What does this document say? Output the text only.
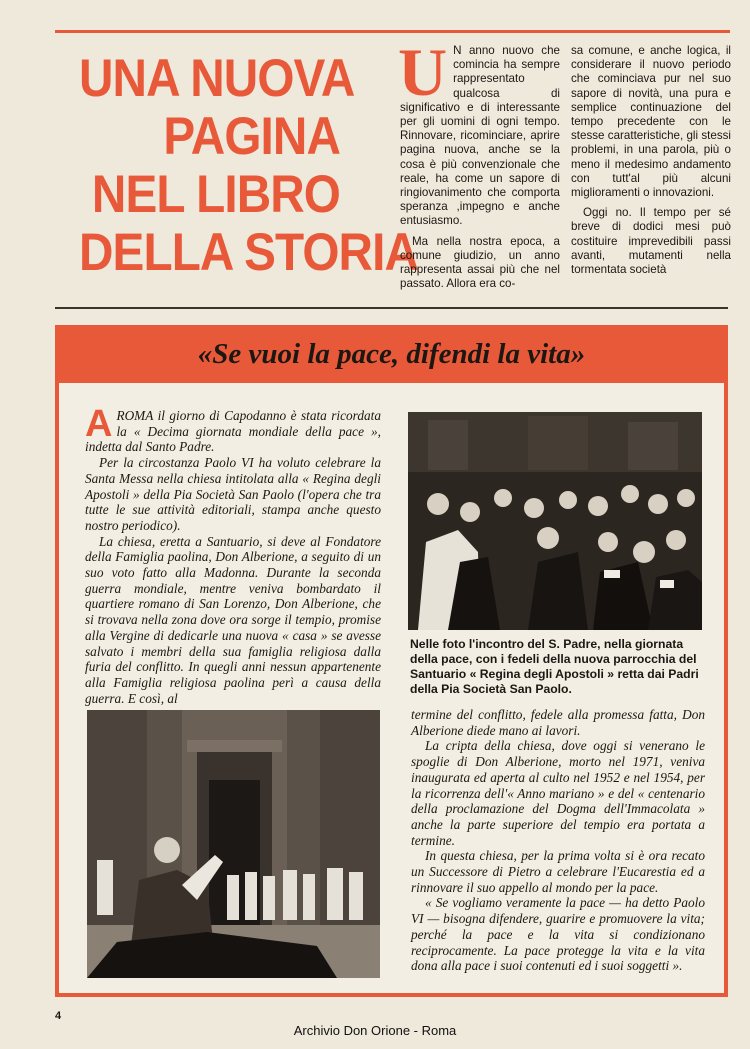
UNA NUOVA
PAGINA
NEL LIBRO
DELLA STORIA

U N anno nuovo che comincia ha sempre rappresentato qualcosa di significativo e di interessante per gli uomini di ogni tempo. Rinnovare, ricominciare, aprire pagina nuova, anche se la cosa è più convenzionale che reale, ha come un sapore di ringiovanimento che comporta speranza ,impegno e anche entusiasmo.

Ma nella nostra epoca, a comune giudizio, un anno rappresenta assai più che nel passato. Allora era co-

sa comune, e anche logica, il considerare il nuovo periodo che cominciava pur nel suo sapore di novità, una pura e semplice continuazione del tempo precedente con le stesse caratteristiche, gli stessi problemi, in una parola, più o meno il medesimo andamento con tutt'al più alcuni miglioramenti o innovazioni.

Oggi no. Il tempo per sé breve di dodici mesi può costituire imprevedibili passi avanti, mutamenti nella tormentata società

«Se vuoi la pace, difendi la vita»

AROMA il giorno di Capodanno è stata ricordata la « Decima giornata mondiale della pace », indetta dal Santo Padre.

Per la circostanza Paolo VI ha voluto celebrare la Santa Messa nella chiesa intitolata alla « Regina degli Apostoli » della Pia Società San Paolo (l'opera che tra tutte le sue attività editoriali, stampa anche questo nostro periodico).

La chiesa, eretta a Santuario, si deve al Fondatore della Famiglia paolina, Don Alberione, a seguito di un suo voto fatto alla Madonna. Durante la seconda guerra mondiale, mentre veniva bombardato il quartiere romano di San Lorenzo, Don Alberione, che si trovava nella zona dove ora sorge il tempio, promise alla Vergine di dedicarle una nuova « casa » se avesse salvato i membri della sua famiglia religiosa dalla furia del conflitto. In quegli anni nessun appartenente alla Famiglia religiosa paolina perì a causa della guerra. E così, al

Nelle foto l'incontro del S. Padre, nella giornata della pace, con i fedeli della nuova parrocchia del Santuario « Regina degli Apostoli » retta dai Padri della Pia Società San Paolo.

termine del conflitto, fedele alla promessa fatta, Don Alberione diede mano ai lavori.

La cripta della chiesa, dove oggi si venerano le spoglie di Don Alberione, morto nel 1971, veniva inaugurata ed aperta al culto nel 1952 e nel 1954, per la ricorrenza dell'« Anno mariano » e del « centenario della proclamazione del Dogma dell'Immacolata » anche la parte superiore del tempio era portata a termine.

In questa chiesa, per la prima volta si è ora recato un Successore di Pietro a celebrare l'Eucarestia ed a rinnovare il suo appello al mondo per la pace.

« Se vogliamo veramente la pace — ha detto Paolo VI — bisogna difendere, guarire e promuovere la vita; perché la pace e la vita si condizionano reciprocamente. La pace protegge la vita e la vita dona alla pace i suoi contenuti ed i suoi soggetti ».

4
Archivio Don Orione - Roma
